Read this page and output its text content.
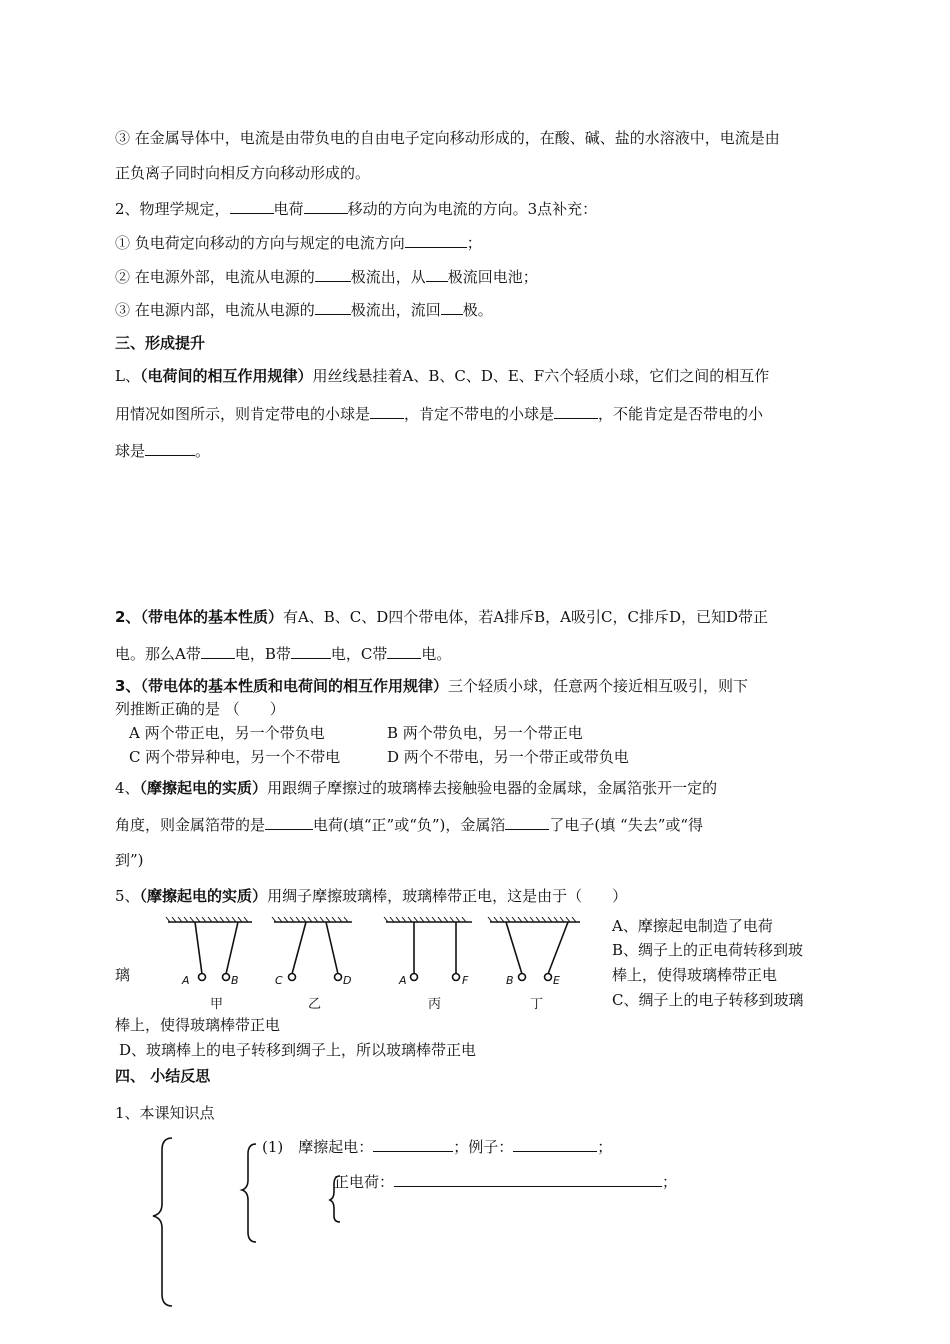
③ 在金属导体中，电流是由带负电的自由电子定向移动形成的，在酸、碱、盐的水溶液中，电流是由
正负离子同时向相反方向移动形成的。
2、物理学规定，	电荷	移动的方向为电流的方向。3点补充：
① 负电荷定向移动的方向与规定的电流方向	；
② 在电源外部，电流从电源的 极流出，从 极流回电池；
③ 在电源内部，电流从电源的 极流出，流回 极。
三、形成提升
L、（电荷间的相互作用规律）用丝线悬挂着A、B、C、D、E、F六个轻质小球，它们之间的相互作
用情况如图所示，则肯定带电的小球是 ，肯定不带电的小球是	，不能肯定是否带电的小
球是	。
2、（带电体的基本性质）有A、B、C、D四个带电体，若A排斥B，A吸引C，C排斥D，已知D带正
电。那么A带 电，B带	电，C带 电。
3、（带电体的基本性质和电荷间的相互作用规律）三个轻质小球，任意两个接近相互吸引，则下
列推断正确的是 （　　）
A 两个带正电，另一个带负电	B 两个带负电，另一个带正电
C 两个带异种电，另一个不带电	D 两个不带电，另一个带正或带负电
4、（摩擦起电的实质）用跟绸子摩擦过的玻璃棒去接触验电器的金属球，金属箔张开一定的
角度，则金属箔带的是	电荷(填“正”或“负”)，金属箔	了电子(填 “失去”或“得
到”)
5、（摩擦起电的实质）用绸子摩擦玻璃棒，玻璃棒带正电，这是由于（　　）
A	B	C	D	A	F	B	E
甲	乙	丙	丁
璃
A、摩擦起电制造了电荷
B、绸子上的正电荷转移到玻
棒上，使得玻璃棒带正电
C、绸子上的电子转移到玻璃
棒上，使得玻璃棒带正电
D、玻璃棒上的电子转移到绸子上，所以玻璃棒带正电
四、 小结反思
1、本课知识点
(1)　摩擦起电：	；例子：	；
正电荷：	；
